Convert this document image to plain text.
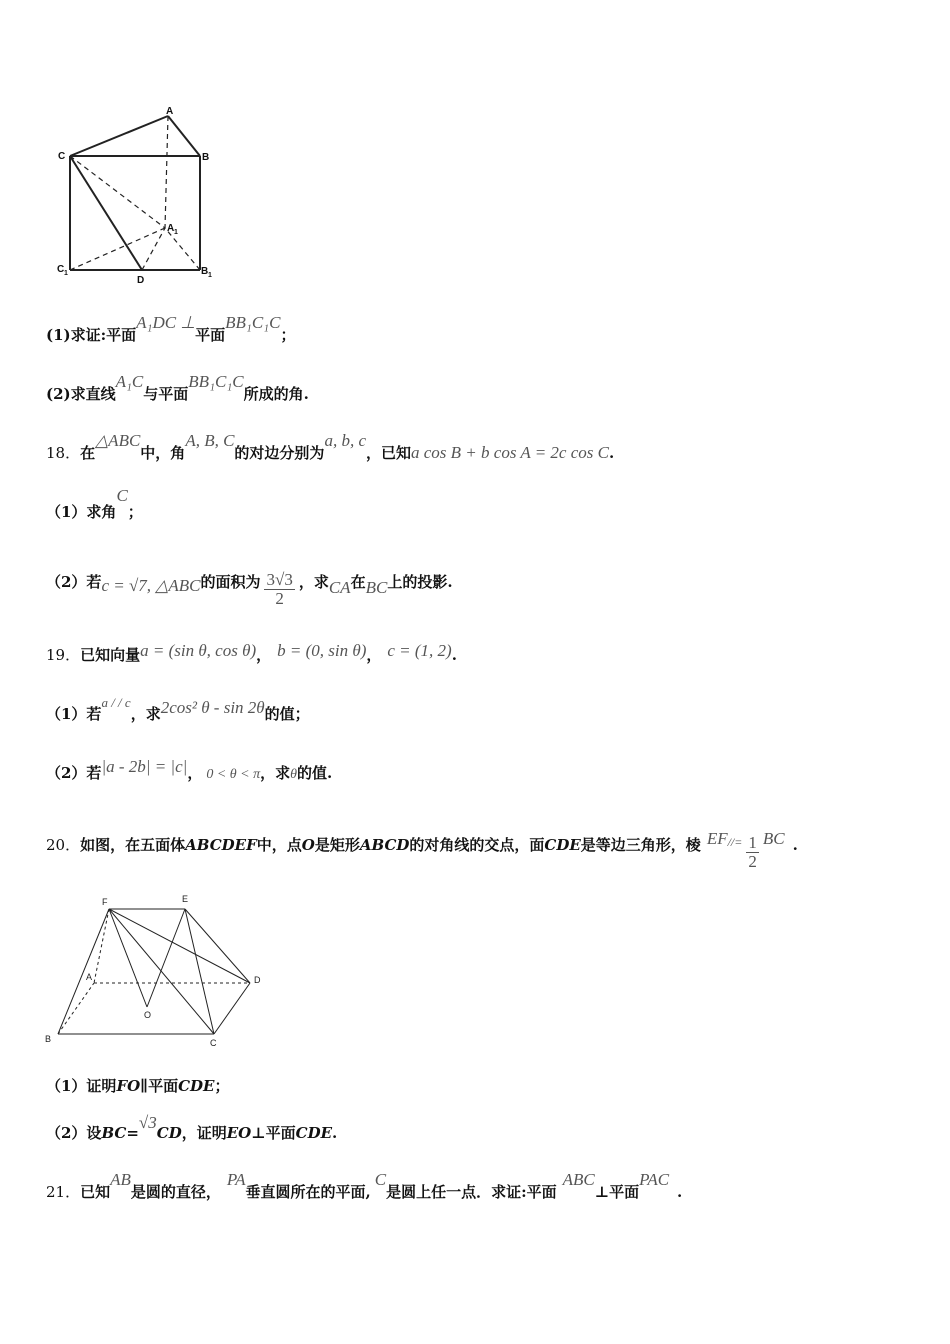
A
B
C
A 1
C 1
D
B 1
(1)求证:平面
A₁DC ⊥
平面
BB₁C₁C
；
(2)求直线
A₁C
与平面
BB₁C₁C
所成的角.
18． 在
△ABC
中，角
A, B, C
的对边分别为
a, b, c
，已知 a cos B + b cos A = 2c cos C .
（1）求角
C
；
（2）若 c = √7, △ABC 的面积为 $\frac{3√3}{2}$ ，求 CA 在 BC 上的投影.
19． 已知向量 a = (sin θ, cos θ) ， b = (0, sin θ) ， c = (1, 2) .
（1）若
a / / c
，求 2cos² θ - sin 2θ 的值；
（2）若 |a - 2b| = |c| ， 0 < θ < π ，求 θ 的值.
20． 如图，在五面体 ABCDEF 中，点 O 是矩形 ABCD 的对角线的交点，面 CDE 是等边三角形，棱 EF //= $\frac{1}{2}$ BC .
F	E
A	D
O
B	C
（1）证明 FO ∥平面 CDE ；
（2）设 BC=
√3
CD ，证明 EO ⊥平面 CDE .
21． 已知
AB
是圆的直径，
PA
垂直圆所在的平面,
C
是圆上任一点．求证:平面
ABC
⊥平面
PAC
.
